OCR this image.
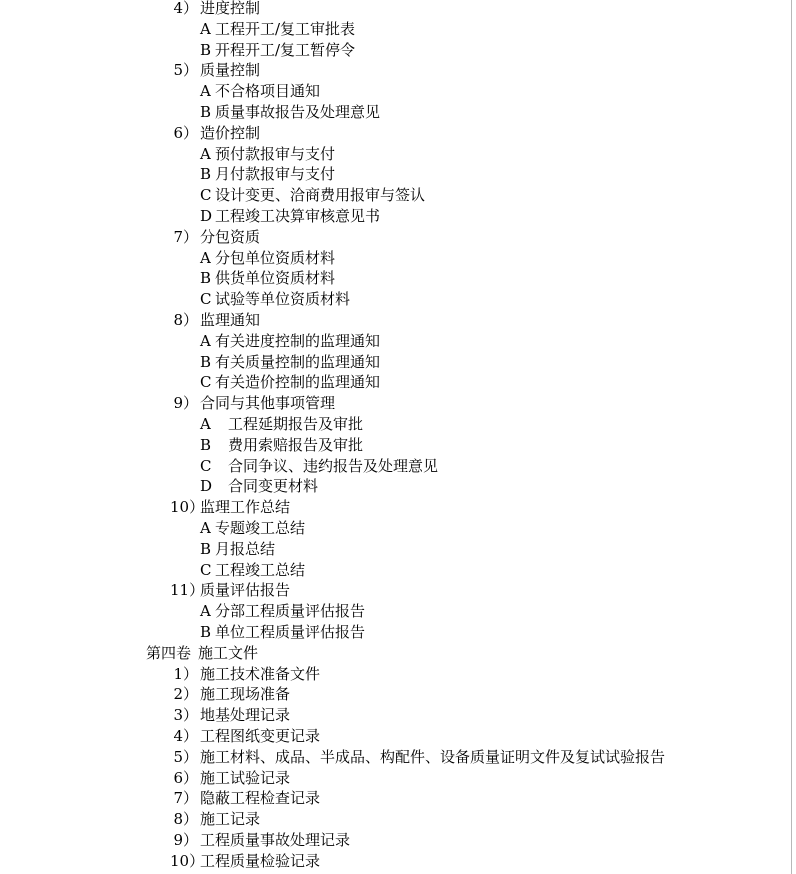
4） 进度控制
A 工程开工/复工审批表
B 开程开工/复工暂停令
5） 质量控制
A 不合格项目通知
B 质量事故报告及处理意见
6） 造价控制
A 预付款报审与支付
B 月付款报审与支付
C 设计变更、洽商费用报审与签认
D 工程竣工决算审核意见书
7） 分包资质
A 分包单位资质材料
B 供货单位资质材料
C 试验等单位资质材料
8） 监理通知
A 有关进度控制的监理通知
B 有关质量控制的监理通知
C 有关造价控制的监理通知
9） 合同与其他事项管理
A 工程延期报告及审批
B 费用索赔报告及审批
C 合同争议、违约报告及处理意见
D 合同变更材料
10）监理工作总结
A 专题竣工总结
B 月报总结
C 工程竣工总结
11）质量评估报告
A 分部工程质量评估报告
B 单位工程质量评估报告
第四卷 施工文件
1） 施工技术准备文件
2） 施工现场准备
3） 地基处理记录
4） 工程图纸变更记录
5） 施工材料、成品、半成品、构配件、设备质量证明文件及复试试验报告
6） 施工试验记录
7） 隐蔽工程检查记录
8） 施工记录
9） 工程质量事故处理记录
10）工程质量检验记录
